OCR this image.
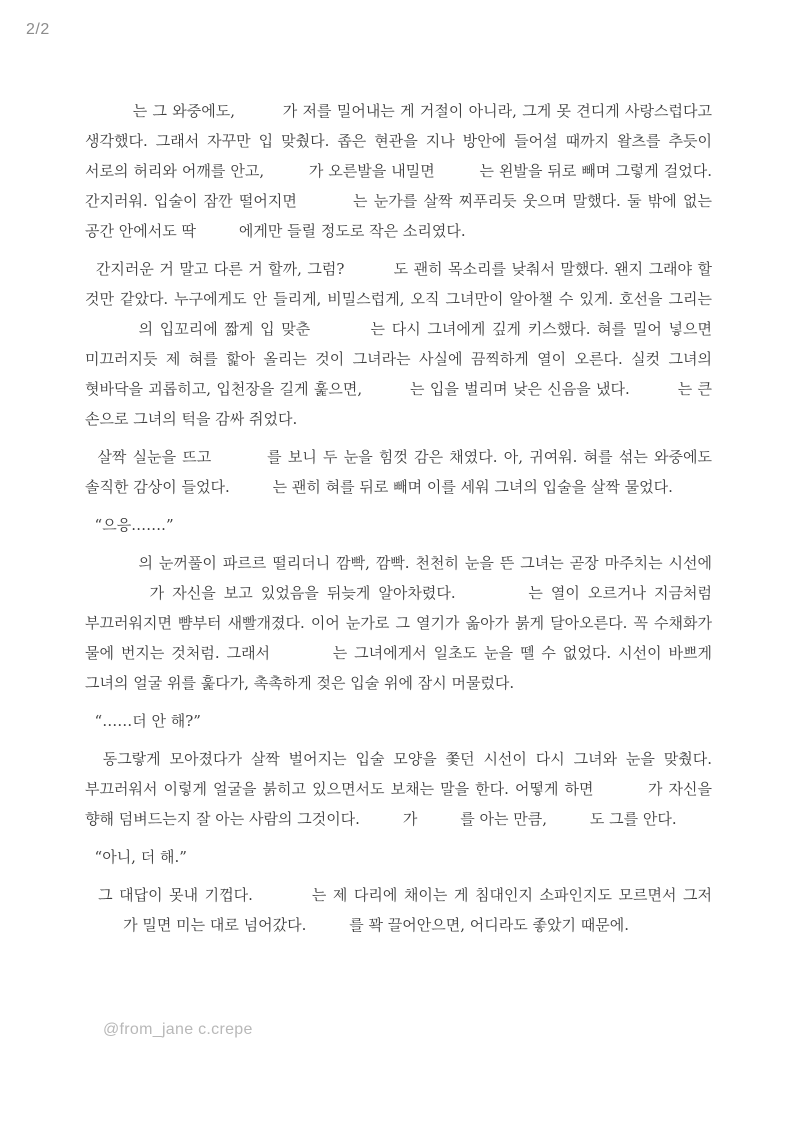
2/2

는 그 와중에도,         가 저를 밀어내는 게 거절이 아니라, 그게 못 견디게 사랑스럽다고 생각했다. 그래서 자꾸만 입 맞췄다. 좁은 현관을 지나 방안에 들어설 때까지 왈츠를 추듯이 서로의 허리와 어깨를 안고,         가 오른발을 내밀면         는 왼발을 뒤로 빼며 그렇게 걸었다. 간지러워. 입술이 잠깐 떨어지면         는 눈가를 살짝 찌푸리듯 웃으며 말했다. 둘 밖에 없는 공간 안에서도 딱         에게만 들릴 정도로 작은 소리였다.

간지러운 거 말고 다른 거 할까, 그럼?         도 괜히 목소리를 낮춰서 말했다. 왠지 그래야 할 것만 같았다. 누구에게도 안 들리게, 비밀스럽게, 오직 그녀만이 알아챌 수 있게. 호선을 그리는         의 입꼬리에 짧게 입 맞춘         는 다시 그녀에게 깊게 키스했다. 혀를 밀어 넣으면 미끄러지듯 제 혀를 핥아 올리는 것이 그녀라는 사실에 끔찍하게 열이 오른다. 실컷 그녀의 혓바닥을 괴롭히고, 입천장을 길게 훑으면,         는 입을 벌리며 낮은 신음을 냈다.         는 큰 손으로 그녀의 턱을 감싸 쥐었다.

살짝 실눈을 뜨고         를 보니 두 눈을 힘껏 감은 채였다. 아, 귀여워. 혀를 섞는 와중에도 솔직한 감상이 들었다.         는 괜히 혀를 뒤로 빼며 이를 세워 그녀의 입술을 살짝 물었다.

“으응…….”

의 눈꺼풀이 파르르 떨리더니 깜빡, 깜빡. 천천히 눈을 뜬 그녀는 곧장 마주치는 시선에         가 자신을 보고 있었음을 뒤늦게 알아차렸다.         는 열이 오르거나 지금처럼 부끄러워지면 뺨부터 새빨개졌다. 이어 눈가로 그 열기가 옮아가 붉게 달아오른다. 꼭 수채화가 물에 번지는 것처럼. 그래서         는 그녀에게서 일초도 눈을 뗄 수 없었다. 시선이 바쁘게 그녀의 얼굴 위를 훑다가, 촉촉하게 젖은 입술 위에 잠시 머물렀다.

“……더 안 해?”

동그랗게 모아졌다가 살짝 벌어지는 입술 모양을 쫓던 시선이 다시 그녀와 눈을 맞췄다. 부끄러워서 이렇게 얼굴을 붉히고 있으면서도 보채는 말을 한다. 어떻게 하면         가 자신을 향해 덤벼드는지 잘 아는 사람의 그것이다.         가         를 아는 만큼,         도 그를 안다.

“아니, 더 해.”

그 대답이 못내 기껍다.         는 제 다리에 채이는 게 침대인지 소파인지도 모르면서 그저         가 밀면 미는 대로 넘어갔다.         를 꽉 끌어안으면, 어디라도 좋았기 때문에.

@from_jane c.crepe
